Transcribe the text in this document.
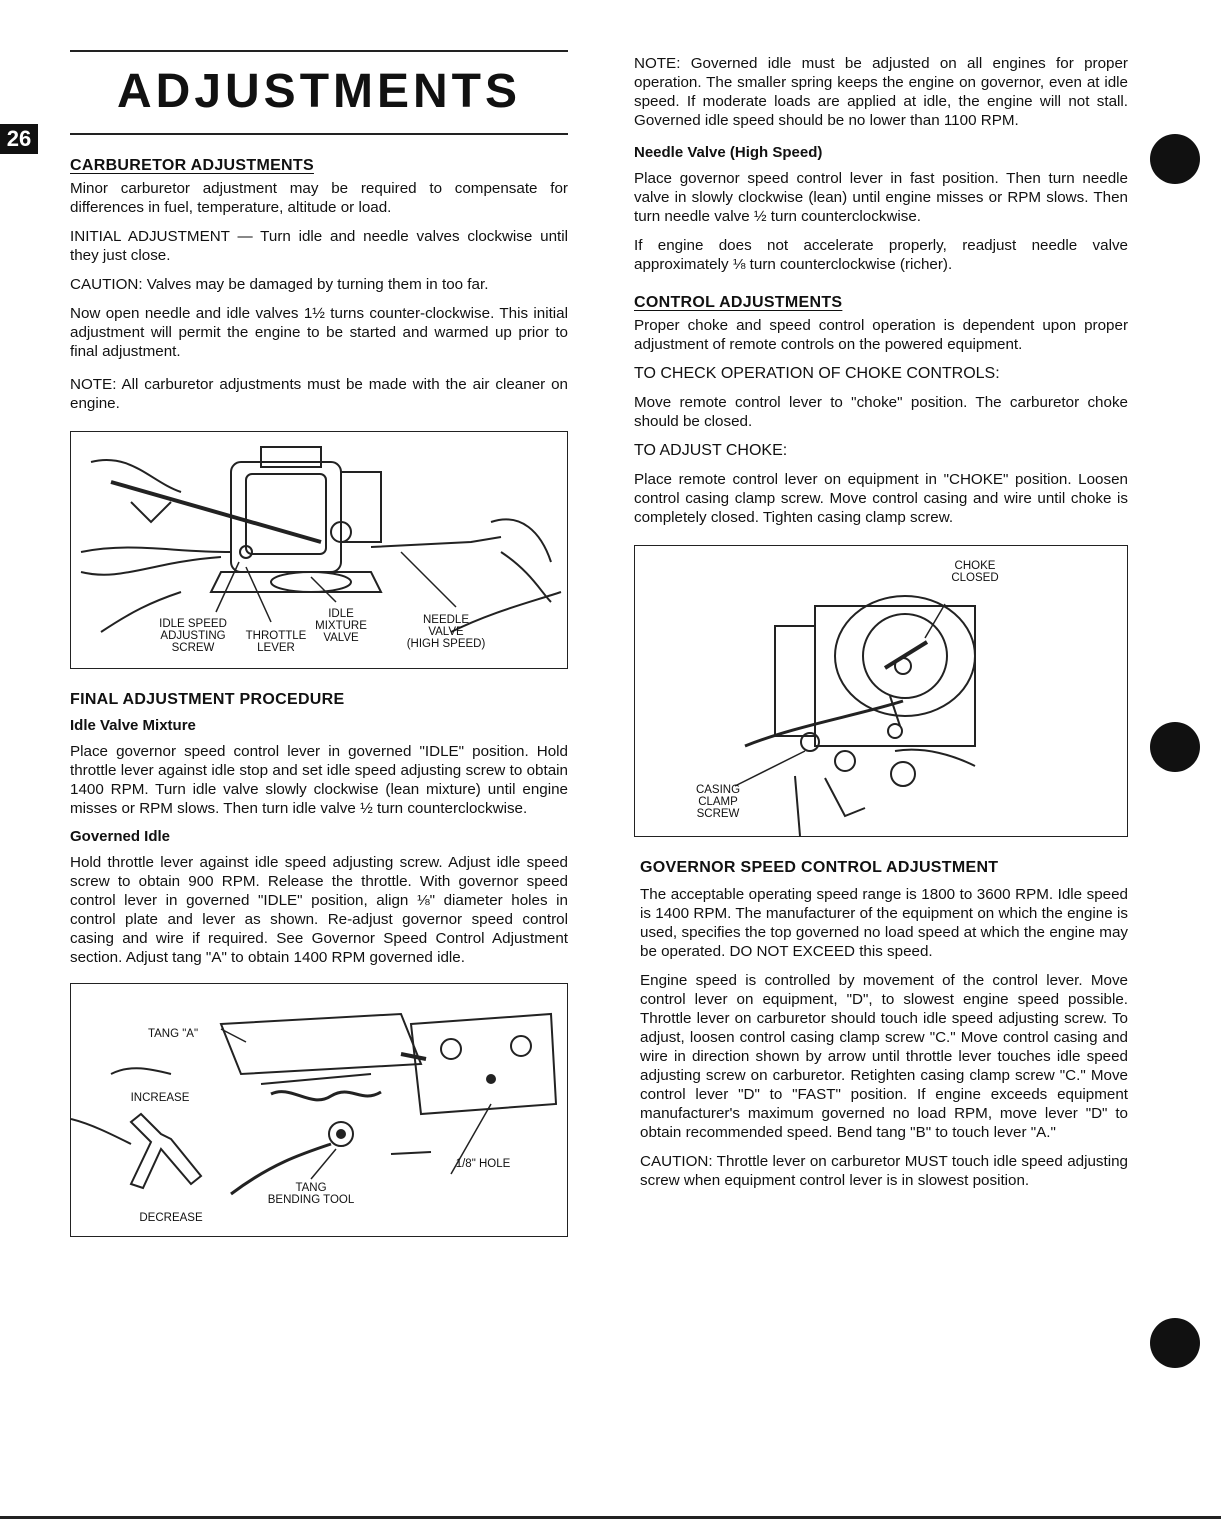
26
ADJUSTMENTS
CARBURETOR ADJUSTMENTS

Minor carburetor adjustment may be required to compensate for differences in fuel, temperature, altitude or load.

INITIAL ADJUSTMENT — Turn idle and needle valves clockwise until they just close.

CAUTION: Valves may be damaged by turning them in too far.

Now open needle and idle valves 1½ turns counter-clockwise. This initial adjustment will permit the engine to be started and warmed up prior to final adjustment.

NOTE: All carburetor adjustments must be made with the air cleaner on engine.

IDLE SPEED
ADJUSTING
SCREW
THROTTLE
LEVER
IDLE
MIXTURE
VALVE
NEEDLE
VALVE
(HIGH SPEED)
FINAL ADJUSTMENT PROCEDURE
Idle Valve Mixture

Place governor speed control lever in governed "IDLE" position. Hold throttle lever against idle stop and set idle speed adjusting screw to obtain 1400 RPM. Turn idle valve slowly clockwise (lean mixture) until engine misses or RPM slows. Then turn idle valve ½ turn counterclockwise.

Governed Idle

Hold throttle lever against idle speed adjusting screw. Adjust idle speed screw to obtain 900 RPM. Release the throttle. With governor speed control lever in governed "IDLE" position, align ⅛" diameter holes in control plate and lever as shown. Re-adjust governor speed control casing and wire if required. See Governor Speed Control Adjustment section. Adjust tang "A" to obtain 1400 RPM governed idle.

TANG "A"
INCREASE
DECREASE
TANG
BENDING TOOL
1/8" HOLE

NOTE: Governed idle must be adjusted on all engines for proper operation. The smaller spring keeps the engine on governor, even at idle speed. If moderate loads are applied at idle, the engine will not stall. Governed idle speed should be no lower than 1100 RPM.

Needle Valve (High Speed)

Place governor speed control lever in fast position. Then turn needle valve in slowly clockwise (lean) until engine misses or RPM slows. Then turn needle valve ½ turn counterclockwise.

If engine does not accelerate properly, readjust needle valve approximately ⅛ turn counterclockwise (richer).

CONTROL ADJUSTMENTS

Proper choke and speed control operation is dependent upon proper adjustment of remote controls on the powered equipment.

TO CHECK OPERATION OF CHOKE CONTROLS:

Move remote control lever to "choke" position. The carburetor choke should be closed.

TO ADJUST CHOKE:

Place remote control lever on equipment in "CHOKE" position. Loosen control casing clamp screw. Move control casing and wire until choke is completely closed. Tighten casing clamp screw.

CHOKE
CLOSED
CASING
CLAMP
SCREW
GOVERNOR SPEED CONTROL ADJUSTMENT

The acceptable operating speed range is 1800 to 3600 RPM. Idle speed is 1400 RPM. The manufacturer of the equipment on which the engine is used, specifies the top governed no load speed at which the engine may be operated. DO NOT EXCEED this speed.

Engine speed is controlled by movement of the control lever. Move control lever on equipment, "D", to slowest engine speed possible. Throttle lever on carburetor should touch idle speed adjusting screw. To adjust, loosen control casing clamp screw "C." Move control casing and wire in direction shown by arrow until throttle lever touches idle speed adjusting screw on carburetor. Retighten casing clamp screw "C." Move control lever "D" to "FAST" position. If engine exceeds equipment manufacturer's maximum governed no load RPM, move lever "D" to obtain recommended speed. Bend tang "B" to touch lever "A."

CAUTION: Throttle lever on carburetor MUST touch idle speed adjusting screw when equipment control lever is in slowest position.
